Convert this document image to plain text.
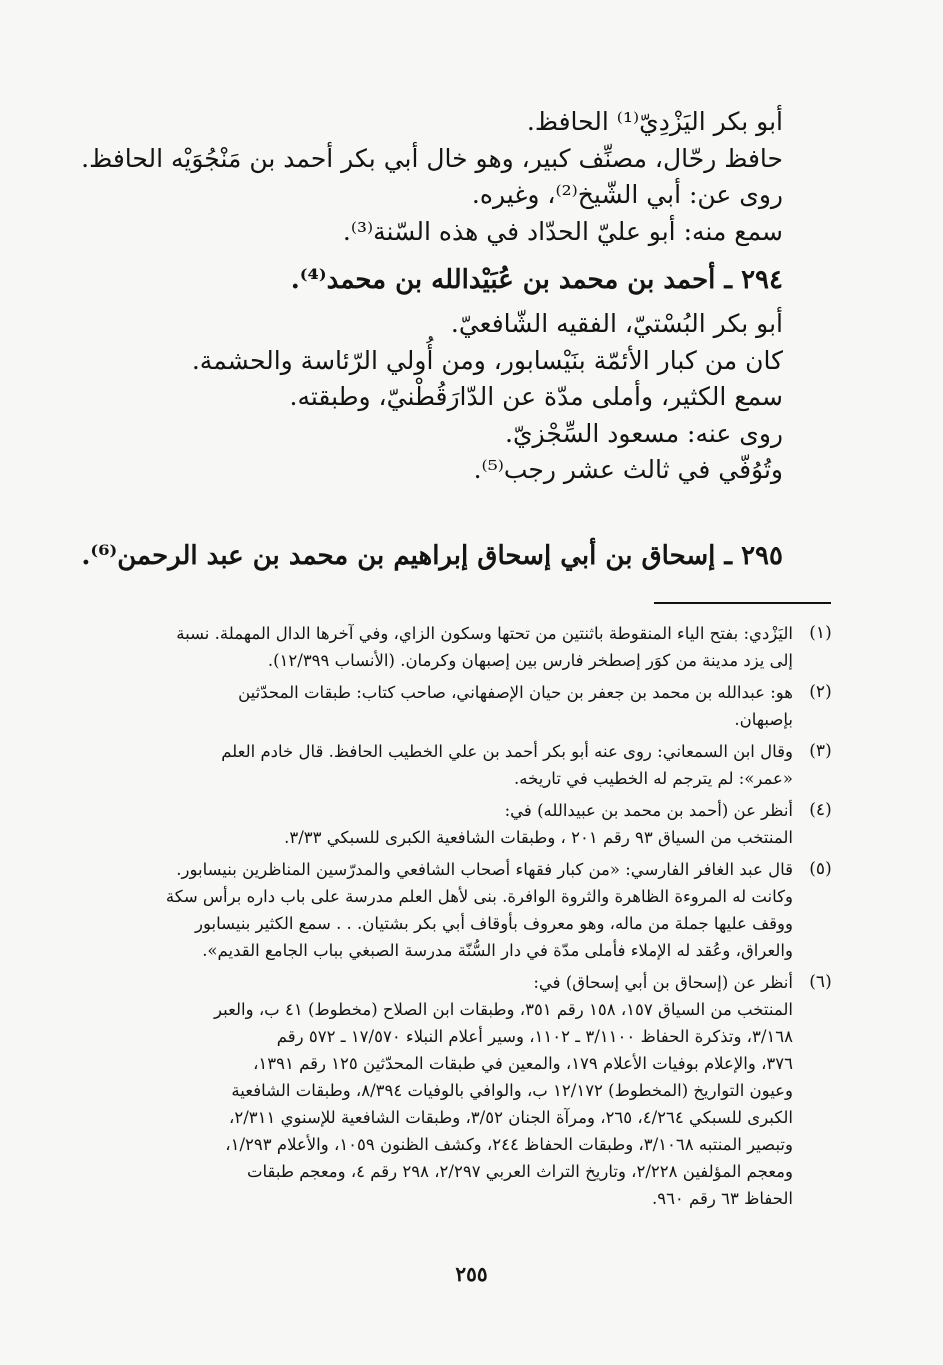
أبو بكر اليَزْدِيّ⁽¹⁾ الحافظ.
حافظ رحّال، مصنِّف كبير، وهو خال أبي بكر أحمد بن مَنْجُوَيْه الحافظ.
روى عن: أبي الشّيخ⁽²⁾، وغيره.
سمع منه: أبو عليّ الحدّاد في هذه السّنة⁽³⁾.
٢٩٤ ـ أحمد بن محمد بن عُبَيْدالله بن محمد⁽⁴⁾.
أبو بكر البُسْتيّ، الفقيه الشّافعيّ.
كان من كبار الأئمّة بنَيْسابور، ومن أُولي الرّئاسة والحشمة.
سمع الكثير، وأملى مدّة عن الدّارَقُطْنيّ، وطبقته.
روى عنه: مسعود السِّجْزيّ.
وتُوُفّي في ثالث عشر رجب⁽⁵⁾.
٢٩٥ ـ إسحاق بن أبي إسحاق إبراهيم بن محمد بن عبد الرحمن⁽⁶⁾.
(١)
اليَزْدي: بفتح الياء المنقوطة باثنتين من تحتها وسكون الزاي، وفي آخرها الدال المهملة. نسبة
إلى يزد مدينة من كوَر إصطخر فارس بين إصبهان وكرمان. (الأنساب ١٢/٣٩٩).
(٢)
هو: عبدالله بن محمد بن جعفر بن حيان الإصفهاني، صاحب كتاب: طبقات المحدّثين
بإصبهان.
(٣)
وقال ابن السمعاني: روى عنه أبو بكر أحمد بن علي الخطيب الحافظ. قال خادم العلم
«عمر»: لم يترجم له الخطيب في تاريخه.
(٤)
أنظر عن (أحمد بن محمد بن عبيدالله) في:
المنتخب من السياق ٩٣ رقم ٢٠١ ، وطبقات الشافعية الكبرى للسبكي ٣/٣٣.
(٥)
قال عبد الغافر الفارسي: «من كبار فقهاء أصحاب الشافعي والمدرّسين المناظرين بنيسابور.
وكانت له المروءة الظاهرة والثروة الوافرة. بنى لأهل العلم مدرسة على باب داره برأس سكة
ووقف عليها جملة من ماله، وهو معروف بأوقاف أبي بكر بشتيان. . . سمع الكثير بنيسابور
والعراق، وعُقد له الإملاء فأملى مدّة في دار السُّنّة مدرسة الصبغي بباب الجامع القديم».
(٦)
أنظر عن (إسحاق بن أبي إسحاق) في:
المنتخب من السياق ١٥٧، ١٥٨ رقم ٣٥١، وطبقات ابن الصلاح (مخطوط) ٤١ ب، والعبر
٣/١٦٨، وتذكرة الحفاظ ٣/١١٠٠ ـ ١١٠٢، وسير أعلام النبلاء ١٧/٥٧٠ ـ ٥٧٢ رقم
٣٧٦، والإعلام بوفيات الأعلام ١٧٩، والمعين في طبقات المحدّثين ١٢٥ رقم ١٣٩١،
وعيون التواريخ (المخطوط) ١٢/١٧٢ ب، والوافي بالوفيات ٨/٣٩٤، وطبقات الشافعية
الكبرى للسبكي ٤/٢٦٤، ٢٦٥، ومرآة الجنان ٣/٥٢، وطبقات الشافعية للإسنوي ٢/٣١١،
وتبصير المنتبه ٣/١٠٦٨، وطبقات الحفاظ ٢٤٤، وكشف الظنون ١٠٥٩، والأعلام ١/٢٩٣،
ومعجم المؤلفين ٢/٢٢٨، وتاريخ التراث العربي ٢/٢٩٧، ٢٩٨ رقم ٤، ومعجم طبقات
الحفاظ ٦٣ رقم ٩٦٠.
٢٥٥
